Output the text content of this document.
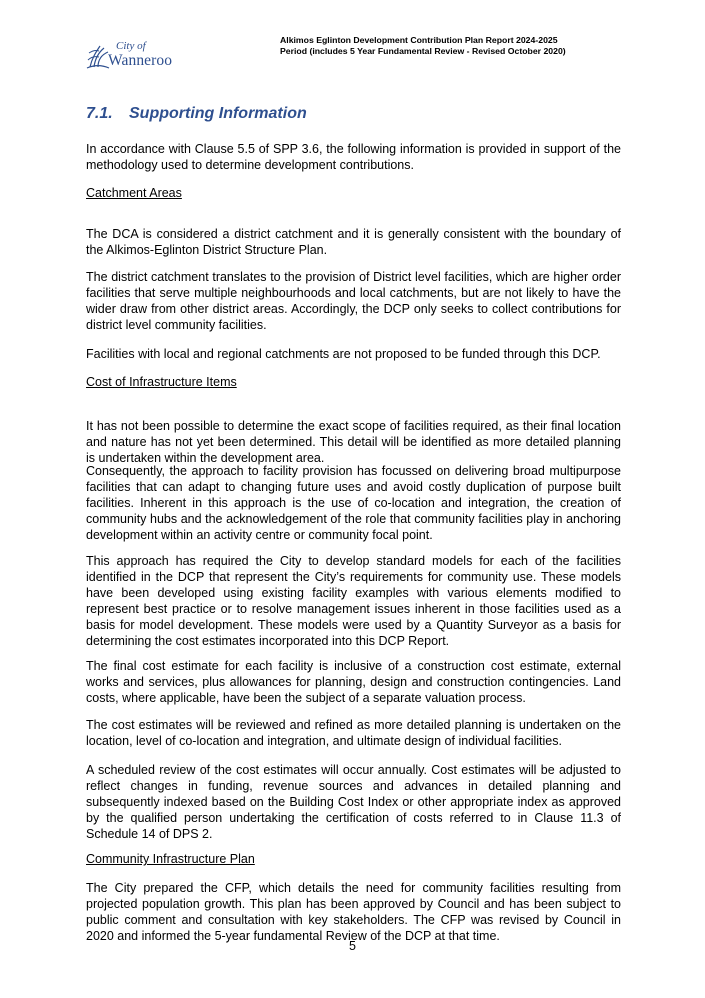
City of
Wanneroo
Alkimos Eglinton Development Contribution Plan Report 2024-2025
Period (includes 5 Year Fundamental Review - Revised October 2020)
7.1. Supporting Information

In accordance with Clause 5.5 of SPP 3.6, the following information is provided in support of the methodology used to determine development contributions.

Catchment Areas

The DCA is considered a district catchment and it is generally consistent with the boundary of the Alkimos-Eglinton District Structure Plan.

The district catchment translates to the provision of District level facilities, which are higher order facilities that serve multiple neighbourhoods and local catchments, but are not likely to have the wider draw from other district areas. Accordingly, the DCP only seeks to collect contributions for district level community facilities.

Facilities with local and regional catchments are not proposed to be funded through this DCP.

Cost of Infrastructure Items

It has not been possible to determine the exact scope of facilities required, as their final location and nature has not yet been determined. This detail will be identified as more detailed planning is undertaken within the development area.

Consequently, the approach to facility provision has focussed on delivering broad multipurpose facilities that can adapt to changing future uses and avoid costly duplication of purpose built facilities. Inherent in this approach is the use of co-location and integration, the creation of community hubs and the acknowledgement of the role that community facilities play in anchoring development within an activity centre or community focal point.

This approach has required the City to develop standard models for each of the facilities identified in the DCP that represent the City’s requirements for community use. These models have been developed using existing facility examples with various elements modified to represent best practice or to resolve management issues inherent in those facilities used as a basis for model development. These models were used by a Quantity Surveyor as a basis for determining the cost estimates incorporated into this DCP Report.

The final cost estimate for each facility is inclusive of a construction cost estimate, external works and services, plus allowances for planning, design and construction contingencies. Land costs, where applicable, have been the subject of a separate valuation process.

The cost estimates will be reviewed and refined as more detailed planning is undertaken on the location, level of co-location and integration, and ultimate design of individual facilities.

A scheduled review of the cost estimates will occur annually. Cost estimates will be adjusted to reflect changes in funding, revenue sources and advances in detailed planning and subsequently indexed based on the Building Cost Index or other appropriate index as approved by the qualified person undertaking the certification of costs referred to in Clause 11.3 of Schedule 14 of DPS 2.

Community Infrastructure Plan

The City prepared the CFP, which details the need for community facilities resulting from projected population growth. This plan has been approved by Council and has been subject to public comment and consultation with key stakeholders. The CFP was revised by Council in 2020 and informed the 5-year fundamental Review of the DCP at that time.

5
